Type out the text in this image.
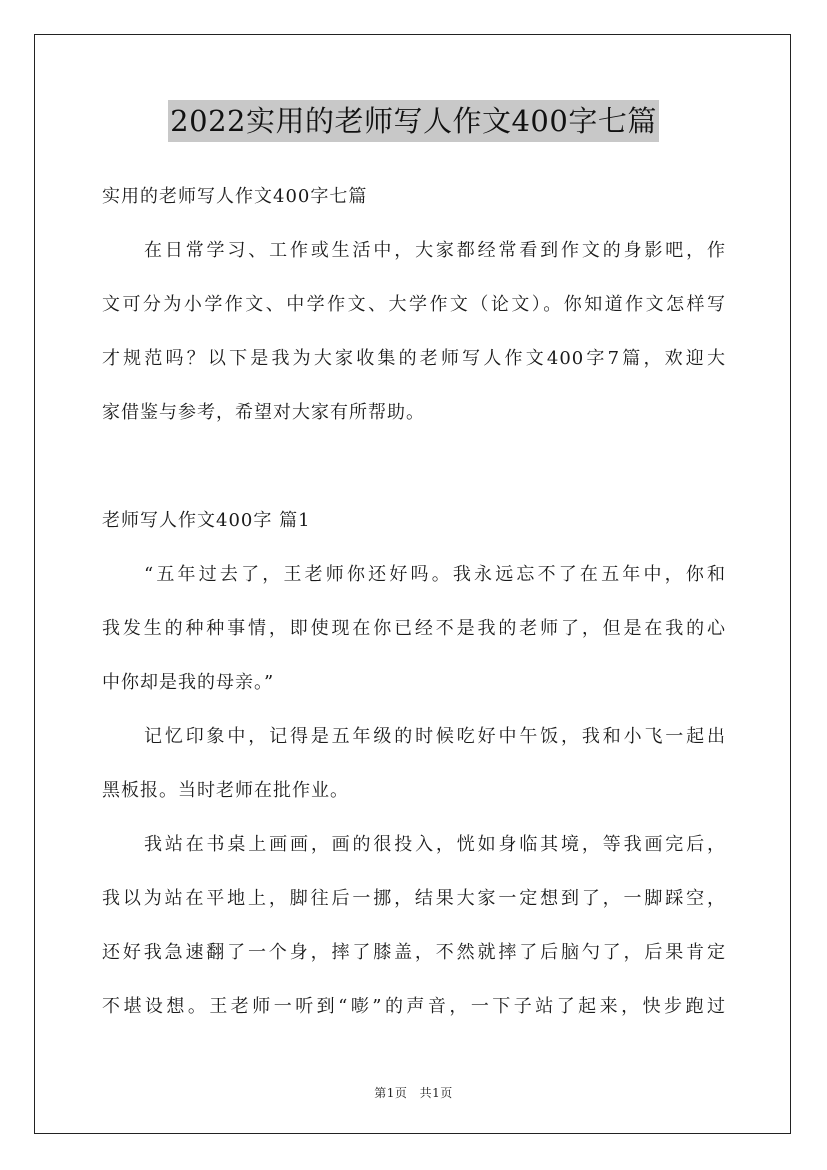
2022实用的老师写人作文400字七篇
实用的老师写人作文400字七篇
在日常学习、工作或生活中，大家都经常看到作文的身影吧，作
文可分为小学作文、中学作文、大学作文（论文）。你知道作文怎样写
才规范吗？以下是我为大家收集的老师写人作文400字7篇，欢迎大
家借鉴与参考，希望对大家有所帮助。
老师写人作文400字 篇1
“五年过去了，王老师你还好吗。我永远忘不了在五年中，你和
我发生的种种事情，即使现在你已经不是我的老师了，但是在我的心
中你却是我的母亲。”
记忆印象中，记得是五年级的时候吃好中午饭，我和小飞一起出
黑板报。当时老师在批作业。
我站在书桌上画画，画的很投入，恍如身临其境，等我画完后，
我以为站在平地上，脚往后一挪，结果大家一定想到了，一脚踩空，
还好我急速翻了一个身，摔了膝盖，不然就摔了后脑勺了，后果肯定
不堪设想。王老师一听到“嘭”的声音，一下子站了起来，快步跑过
第1页 共1页
